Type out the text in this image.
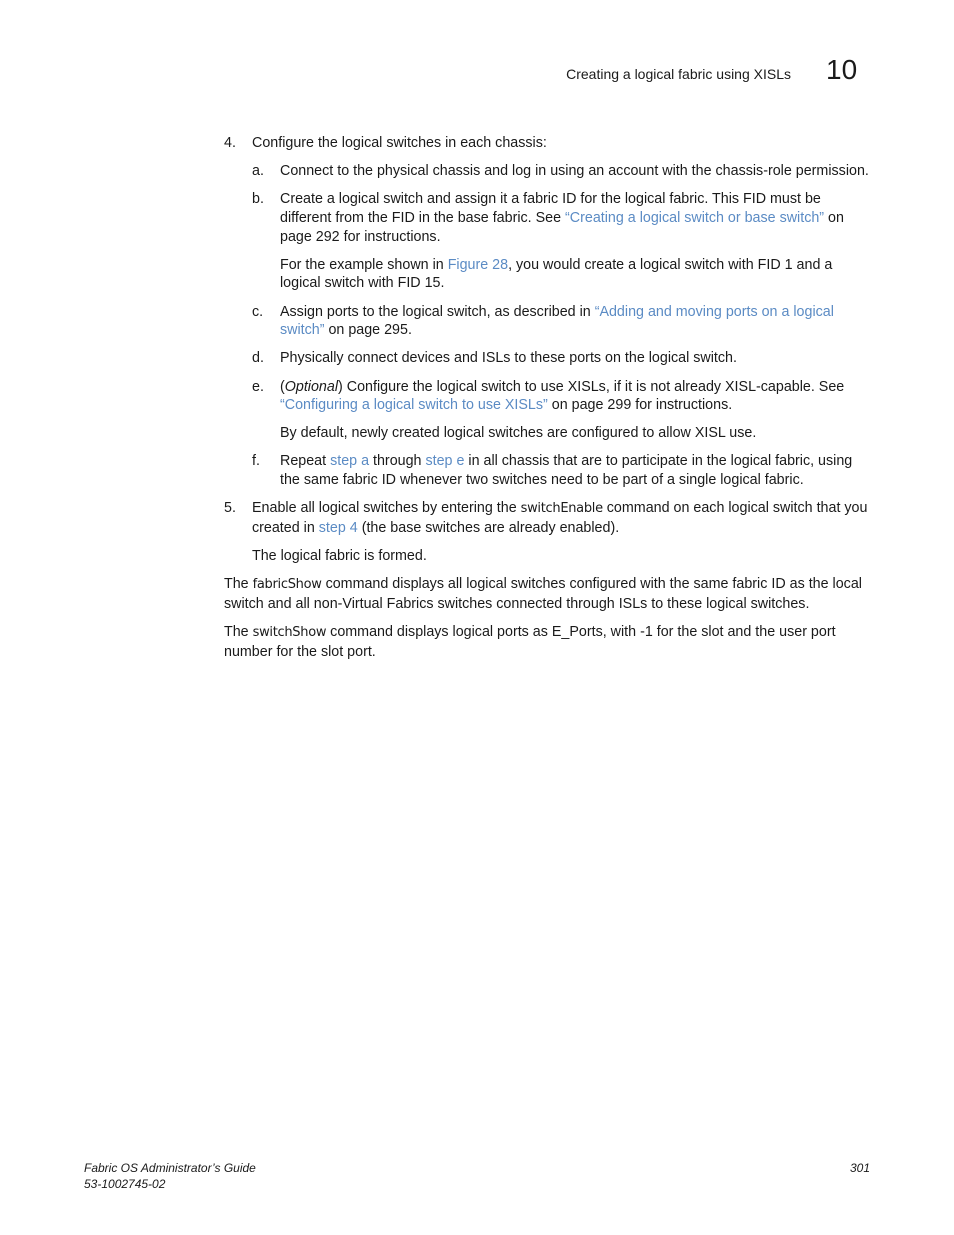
Creating a logical fabric using XISLs 10
4. Configure the logical switches in each chassis:
a. Connect to the physical chassis and log in using an account with the chassis-role permission.
b. Create a logical switch and assign it a fabric ID for the logical fabric. This FID must be different from the FID in the base fabric. See “Creating a logical switch or base switch” on page 292 for instructions.
For the example shown in Figure 28, you would create a logical switch with FID 1 and a logical switch with FID 15.
c. Assign ports to the logical switch, as described in “Adding and moving ports on a logical switch” on page 295.
d. Physically connect devices and ISLs to these ports on the logical switch.
e. (Optional) Configure the logical switch to use XISLs, if it is not already XISL-capable. See “Configuring a logical switch to use XISLs” on page 299 for instructions.
By default, newly created logical switches are configured to allow XISL use.
f. Repeat step a through step e in all chassis that are to participate in the logical fabric, using the same fabric ID whenever two switches need to be part of a single logical fabric.
5. Enable all logical switches by entering the switchEnable command on each logical switch that you created in step 4 (the base switches are already enabled).
The logical fabric is formed.
The fabricShow command displays all logical switches configured with the same fabric ID as the local switch and all non-Virtual Fabrics switches connected through ISLs to these logical switches.
The switchShow command displays logical ports as E_Ports, with -1 for the slot and the user port number for the slot port.
Fabric OS Administrator’s Guide
53-1002745-02
301
